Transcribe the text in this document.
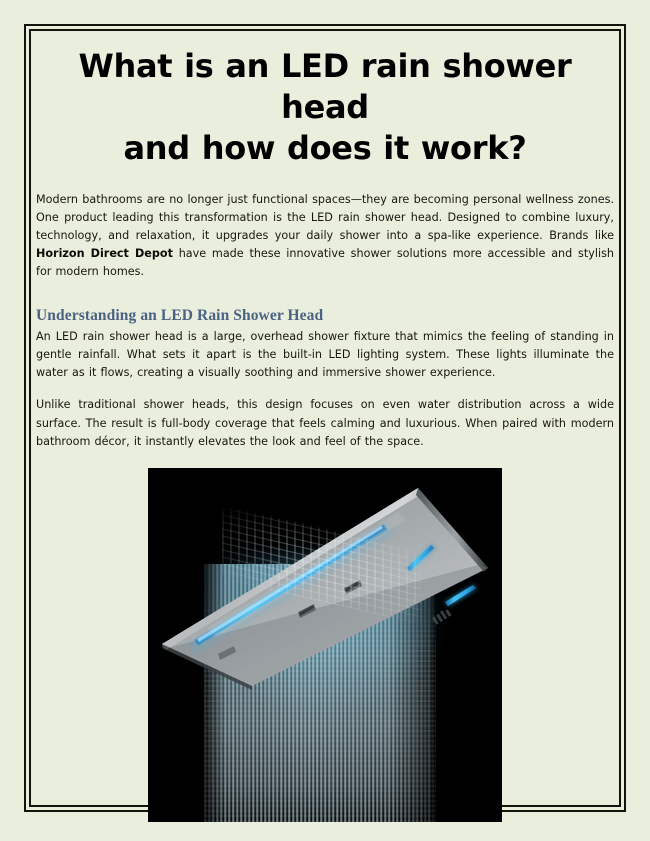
What is an LED rain shower head
and how does it work?

Modern bathrooms are no longer just functional spaces—they are becoming personal wellness zones. One product leading this transformation is the LED rain shower head. Designed to combine luxury, technology, and relaxation, it upgrades your daily shower into a spa-like experience. Brands like Horizon Direct Depot have made these innovative shower solutions more accessible and stylish for modern homes.

Understanding an LED Rain Shower Head

An LED rain shower head is a large, overhead shower fixture that mimics the feeling of standing in gentle rainfall. What sets it apart is the built-in LED lighting system. These lights illuminate the water as it flows, creating a visually soothing and immersive shower experience.

Unlike traditional shower heads, this design focuses on even water distribution across a wide surface. The result is full-body coverage that feels calming and luxurious. When paired with modern bathroom décor, it instantly elevates the look and feel of the space.
